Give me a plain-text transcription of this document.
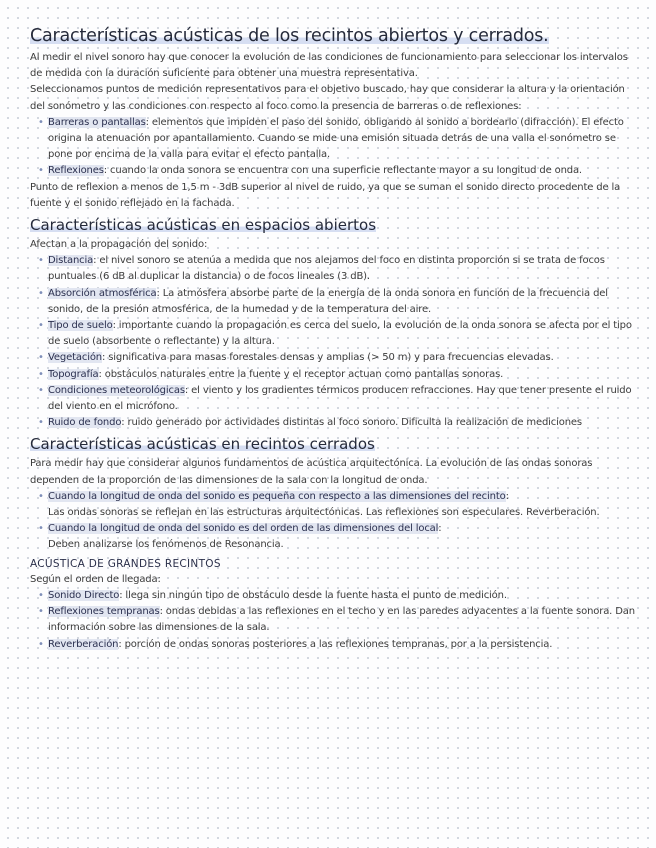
Características acústicas de los recintos abiertos y cerrados.

Al medir el nivel sonoro hay que conocer la evolución de las condiciones de funcionamiento para seleccionar los intervalos de medida con la duración suficiente para obtener una muestra representativa.

Seleccionamos puntos de medición representativos para el objetivo buscado, hay que considerar la altura y la orientación del sonómetro y las condiciones con respecto al foco como la presencia de barreras o de reflexiones:

• Barreras o pantallas: elementos que impiden el paso del sonido, obligando al sonido a bordearlo (difracción). El efecto origina la atenuación por apantallamiento. Cuando se mide una emisión situada detrás de una valla el sonómetro se pone por encima de la valla para evitar el efecto pantalla.
• Reflexiones: cuando la onda sonora se encuentra con una superficie reflectante mayor a su longitud de onda.

Punto de reflexion a menos de 1,5 m - 3dB superior al nivel de ruido, ya que se suman el sonido directo procedente de la fuente y el sonido reflejado en la fachada.

Características acústicas en espacios abiertos

Afectan a la propagación del sonido:

• Distancia: el nivel sonoro se atenúa a medida que nos alejamos del foco en distinta proporción si se trata de focos puntuales (6 dB al duplicar la distancia) o de focos lineales (3 dB).
• Absorción atmosférica: La atmósfera absorbe parte de la energía de la onda sonora en función de la frecuencia del sonido, de la presión atmosférica, de la humedad y de la temperatura del aire.
• Tipo de suelo: importante cuando la propagación es cerca del suelo, la evolución de la onda sonora se afecta por el tipo de suelo (absorbente o reflectante) y la altura.
• Vegetación: significativa para masas forestales densas y amplias (> 50 m) y para frecuencias elevadas.
• Topografía: obstáculos naturales entre la fuente y el receptor actuan como pantallas sonoras.
• Condiciones meteorológicas: el viento y los gradientes térmicos producen refracciones. Hay que tener presente el ruido del viento en el micrófono.
• Ruido de fondo: ruido generado por actividades distintas al foco sonoro. Dificulta la realización de mediciones
Características acústicas en recintos cerrados

Para medir hay que considerar algunos fundamentos de acústica arquitectónica. La evolución de las ondas sonoras dependen de la proporción de las dimensiones de la sala con la longitud de onda.

• Cuando la longitud de onda del sonido es pequeña con respecto a las dimensiones del recinto:

Las ondas sonoras se reflejan en las estructuras arquitectónicas. Las reflexiones son especulares. Reverberación.

• Cuando la longitud de onda del sonido es del orden de las dimensiones del local:

Deben analizarse los fenómenos de Resonancia.

ACÚSTICA DE GRANDES RECINTOS

Según el orden de llegada:

• Sonido Directo: llega sin ningún tipo de obstáculo desde la fuente hasta el punto de medición.
• Reflexiones tempranas: ondas debidas a las reflexiones en el techo y en las paredes adyacentes a la fuente sonora. Dan información sobre las dimensiones de la sala.
• Reverberación: porción de ondas sonoras posteriores a las reflexiones tempranas, por a la persistencia.
